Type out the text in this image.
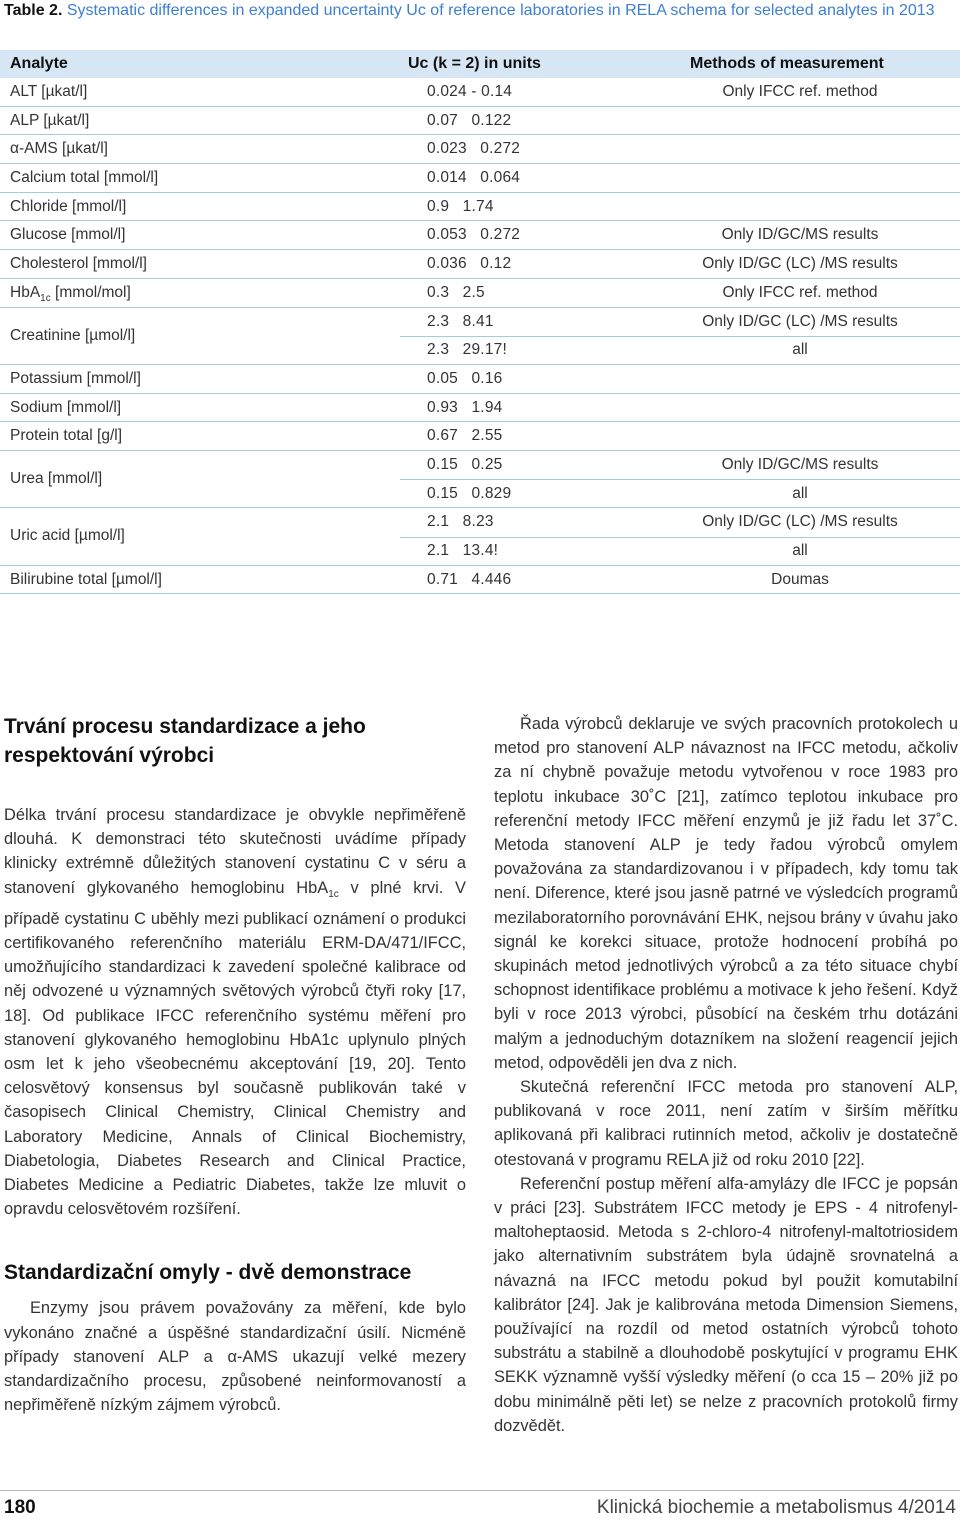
Table 2. Systematic differences in expanded uncertainty Uc of reference laboratories in RELA schema for selected analytes in 2013
Analyte	Uc (k = 2) in units	Methods of measurement
ALT [µkat/l]	0.024 - 0.14	Only IFCC ref. method
ALP [µkat/l]	0.07   0.122
α-AMS [µkat/l]	0.023   0.272
Calcium total [mmol/l]	0.014   0.064
Chloride [mmol/l]	0.9   1.74
Glucose [mmol/l]	0.053   0.272	Only ID/GC/MS results
Cholesterol [mmol/l]	0.036   0.12	Only ID/GC (LC) /MS results
HbA$_{1c}$ [mmol/mol]	0.3   2.5	Only IFCC ref. method
Creatinine [µmol/l]
2.3   8.41	Only ID/GC (LC) /MS results
2.3   29.17!	all
Potassium [mmol/l]	0.05   0.16
Sodium [mmol/l]	0.93   1.94
Protein total [g/l]	0.67   2.55
Urea [mmol/l]
0.15   0.25	Only ID/GC/MS results
0.15   0.829	all
Uric acid [µmol/l]
2.1   8.23	Only ID/GC (LC) /MS results
2.1   13.4!	all
Bilirubine total [µmol/l]	0.71   4.446	Doumas
Trvání procesu standardizace a jeho respektování výrobci

Délka trvání procesu standardizace je obvykle nepřiměřeně dlouhá. K demonstraci této skutečnosti uvádíme případy klinicky extrémně důležitých stanovení cystatinu C v séru a stanovení glykovaného hemoglobinu HbA$_{1c}$ v plné krvi. V případě cystatinu C uběhly mezi publikací oznámení o produkci certifikovaného referenčního materiálu ERM-DA/471/IFCC, umožňujícího standardizaci k zavedení společné kalibrace od něj odvozené u významných světových výrobců čtyři roky [17, 18]. Od publikace IFCC referenčního systému měření pro stanovení glykovaného hemoglobinu HbA1c uplynulo plných osm let k jeho všeobecnému akceptování [19, 20]. Tento celosvětový konsensus byl současně publikován také v časopisech Clinical Chemistry, Clinical Chemistry and Laboratory Medicine, Annals of Clinical Biochemistry, Diabetologia, Diabetes Research and Clinical Practice, Diabetes Medicine a Pediatric Diabetes, takže lze mluvit o opravdu celosvětovém rozšíření.

Standardizační omyly - dvě demonstrace

Enzymy jsou právem považovány za měření, kde bylo vykonáno značné a úspěšné standardizační úsilí. Nicméně případy stanovení ALP a α-AMS ukazují velké mezery standardizačního procesu, způsobené neinformovaností a nepřiměřeně nízkým zájmem výrobců.

Řada výrobců deklaruje ve svých pracovních protokolech u metod pro stanovení ALP návaznost na IFCC metodu, ačkoliv za ní chybně považuje metodu vytvořenou v roce 1983 pro teplotu inkubace 30˚C [21], zatímco teplotou inkubace pro referenční metody IFCC měření enzymů je již řadu let 37˚C. Metoda stanovení ALP je tedy řadou výrobců omylem považována za standardizovanou i v případech, kdy tomu tak není. Diference, které jsou jasně patrné ve výsledcích programů mezilaboratorního porovnávání EHK, nejsou brány v úvahu jako signál ke korekci situace, protože hodnocení probíhá po skupinách metod jednotlivých výrobců a za této situace chybí schopnost identifikace problému a motivace k jeho řešení. Když byli v roce 2013 výrobci, působící na českém trhu dotázáni malým a jednoduchým dotazníkem na složení reagencií jejich metod, odpověděli jen dva z nich.

Skutečná referenční IFCC metoda pro stanovení ALP, publikovaná v roce 2011, není zatím v širším měřítku aplikovaná při kalibraci rutinních metod, ačkoliv je dostatečně otestovaná v programu RELA již od roku 2010 [22].

Referenční postup měření alfa-amylázy dle IFCC je popsán v práci [23]. Substrátem IFCC metody je EPS - 4 nitrofenyl-maltoheptaosid. Metoda s 2-chloro-4 nitrofenyl-maltotriosidem jako alternativním substrátem byla údajně srovnatelná a návazná na IFCC metodu pokud byl použit komutabilní kalibrátor [24]. Jak je kalibrována metoda Dimension Siemens, používající na rozdíl od metod ostatních výrobců tohoto substrátu a stabilně a dlouhodobě poskytující v programu EHK SEKK významně vyšší výsledky měření (o cca 15 – 20% již po dobu minimálně pěti let) se nelze z pracovních protokolů firmy dozvědět.

180	Klinická biochemie a metabolismus 4/2014
